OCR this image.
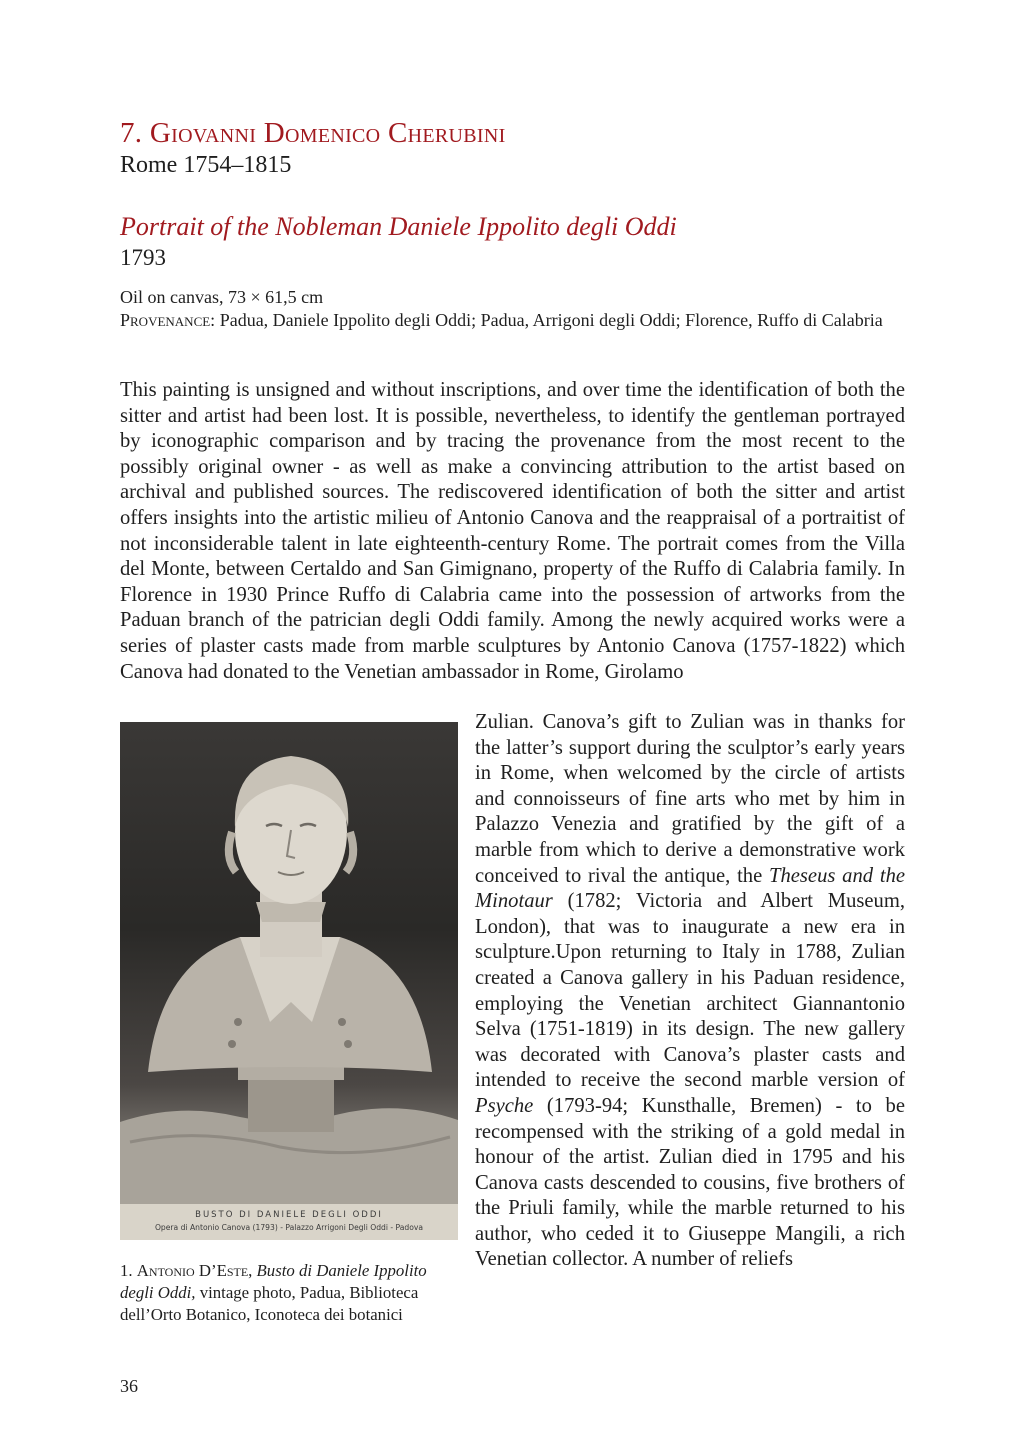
7. Giovanni Domenico Cherubini
Rome 1754–1815
Portrait of the Nobleman Daniele Ippolito degli Oddi
1793
Oil on canvas, 73 × 61,5 cm
Provenance: Padua, Daniele Ippolito degli Oddi; Padua, Arrigoni degli Oddi; Florence, Ruffo di Calabria
This painting is unsigned and without inscriptions, and over time the identification of both the sitter and artist had been lost. It is possible, nevertheless, to identify the gentleman portrayed by iconographic comparison and by tracing the provenance from the most recent to the possibly original owner - as well as make a convincing attribution to the artist based on archival and published sources. The rediscovered identification of both the sitter and artist offers insights into the artistic milieu of Antonio Canova and the reappraisal of a portraitist of not inconsiderable talent in late eighteenth-century Rome. The portrait comes from the Villa del Monte, between Certaldo and San Gimignano, property of the Ruffo di Calabria family. In Florence in 1930 Prince Ruffo di Calabria came into the possession of artworks from the Paduan branch of the patrician degli Oddi family. Among the newly acquired works were a series of plaster casts made from marble sculptures by Antonio Canova (1757-1822) which Canova had donated to the Venetian ambassador in Rome, Girolamo
BUSTO DI DANIELE DEGLI ODDI
Opera di Antonio Canova (1793) - Palazzo Arrigoni Degli Oddi - Padova
Zulian. Canova’s gift to Zulian was in thanks for the latter’s support during the sculptor’s early years in Rome, when welcomed by the circle of artists and connoisseurs of fine arts who met by him in Palazzo Venezia and gratified by the gift of a marble from which to derive a demonstrative work conceived to rival the antique, the Theseus and the Minotaur (1782; Victoria and Albert Museum, London), that was to inaugurate a new era in sculpture.Upon returning to Italy in 1788, Zulian created a Canova gallery in his Paduan residence, employing the Venetian architect Giannantonio Selva (1751-1819) in its design. The new gallery was decorated with Canova’s plaster casts and intended to receive the second marble version of Psyche (1793-94; Kunsthalle, Bremen) - to be recompensed with the striking of a gold medal in honour of the artist. Zulian died in 1795 and his Canova casts descended to cousins, five brothers of the Priuli family, while the marble returned to his author, who ceded it to Giuseppe Mangili, a rich Venetian collector. A number of reliefs
1. Antonio D’Este, Busto di Daniele Ippolito degli Oddi, vintage photo, Padua, Biblioteca dell’Orto Botanico, Iconoteca dei botanici
36
